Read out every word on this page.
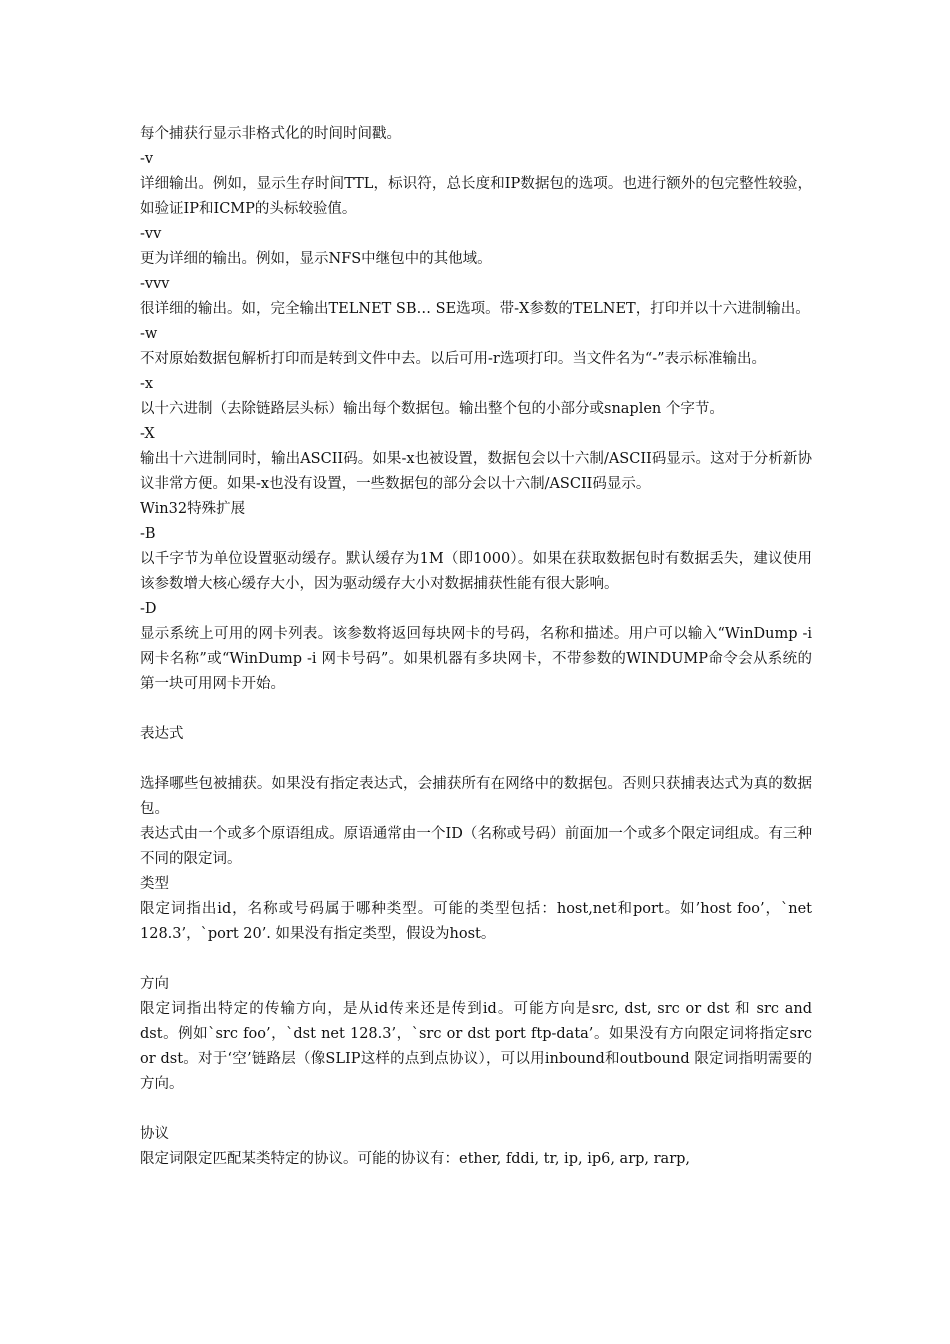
每个捕获行显示非格式化的时间时间戳。

-v

详细输出。例如，显示生存时间TTL，标识符，总长度和IP数据包的选项。也进行额外的包完整性较验，如验证IP和ICMP的头标较验值。

-vv

更为详细的输出。例如，显示NFS中继包中的其他域。

-vvv

很详细的输出。如，完全输出TELNET SB… SE选项。带-X参数的TELNET，打印并以十六进制输出。

-w

不对原始数据包解析打印而是转到文件中去。以后可用-r选项打印。当文件名为“-”表示标准输出。

-x

以十六进制（去除链路层头标）输出每个数据包。输出整个包的小部分或snaplen 个字节。

-X

输出十六进制同时，输出ASCII码。如果-x也被设置，数据包会以十六制/ASCII码显示。这对于分析新协议非常方便。如果-x也没有设置，一些数据包的部分会以十六制/ASCII码显示。

Win32特殊扩展

-B

以千字节为单位设置驱动缓存。默认缓存为1M（即1000）。如果在获取数据包时有数据丢失，建议使用该参数增大核心缓存大小，因为驱动缓存大小对数据捕获性能有很大影响。

-D

显示系统上可用的网卡列表。该参数将返回每块网卡的号码，名称和描述。用户可以输入“WinDump -i 网卡名称”或“WinDump -i 网卡号码”。如果机器有多块网卡，不带参数的WINDUMP命令会从系统的第一块可用网卡开始。

表达式

选择哪些包被捕获。如果没有指定表达式，会捕获所有在网络中的数据包。否则只获捕表达式为真的数据包。

表达式由一个或多个原语组成。原语通常由一个ID（名称或号码）前面加一个或多个限定词组成。有三种不同的限定词。

类型

限定词指出id，名称或号码属于哪种类型。可能的类型包括：host,net和port。如’host foo’，`net 128.3’，`port 20’. 如果没有指定类型，假设为host。

方向

限定词指出特定的传输方向，是从id传来还是传到id。可能方向是src, dst, src or dst 和 src and dst。例如`src foo’，`dst net 128.3’，`src or dst port ftp-data’。如果没有方向限定词将指定src or dst。对于‘空’链路层（像SLIP这样的点到点协议），可以用inbound和outbound 限定词指明需要的方向。

协议

限定词限定匹配某类特定的协议。可能的协议有：ether, fddi, tr, ip, ip6, arp, rarp,
